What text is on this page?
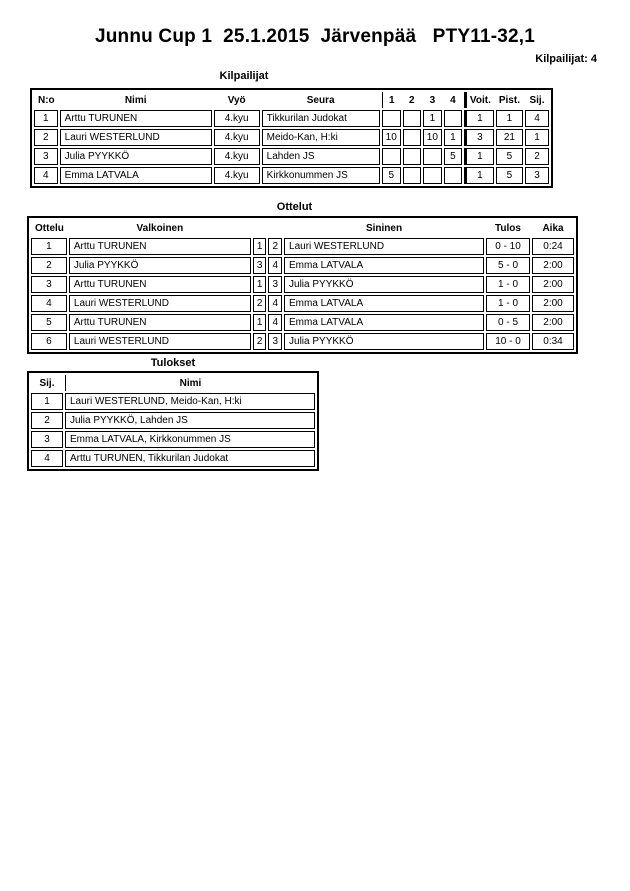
Junnu Cup 1  25.1.2015  Järvenpää   PTY11-32,1
Kilpailijat: 4
Kilpailijat
N:o	Nimi	Vyö	Seura	1	2	3	4	Voit.	Pist.	Sij.
1	Arttu TURUNEN	4.kyu	Tikkurilan Judokat			1		1	1	4
2	Lauri WESTERLUND	4.kyu	Meido-Kan, H:ki	10		10	1	3	21	1
3	Julia PYYKKÖ	4.kyu	Lahden JS				5	1	5	2
4	Emma LATVALA	4.kyu	Kirkkonummen JS	5				1	5	3
Ottelut
Ottelu	Valkoinen			Sininen	Tulos	Aika
1	Arttu TURUNEN	1	2	Lauri WESTERLUND	0 - 10	0:24
2	Julia PYYKKÖ	3	4	Emma LATVALA	5 - 0	2:00
3	Arttu TURUNEN	1	3	Julia PYYKKÖ	1 - 0	2:00
4	Lauri WESTERLUND	2	4	Emma LATVALA	1 - 0	2:00
5	Arttu TURUNEN	1	4	Emma LATVALA	0 - 5	2:00
6	Lauri WESTERLUND	2	3	Julia PYYKKÖ	10 - 0	0:34
Tulokset
Sij.	Nimi
1	Lauri WESTERLUND, Meido-Kan, H:ki
2	Julia PYYKKÖ, Lahden JS
3	Emma LATVALA, Kirkkonummen JS
4	Arttu TURUNEN, Tikkurilan Judokat
